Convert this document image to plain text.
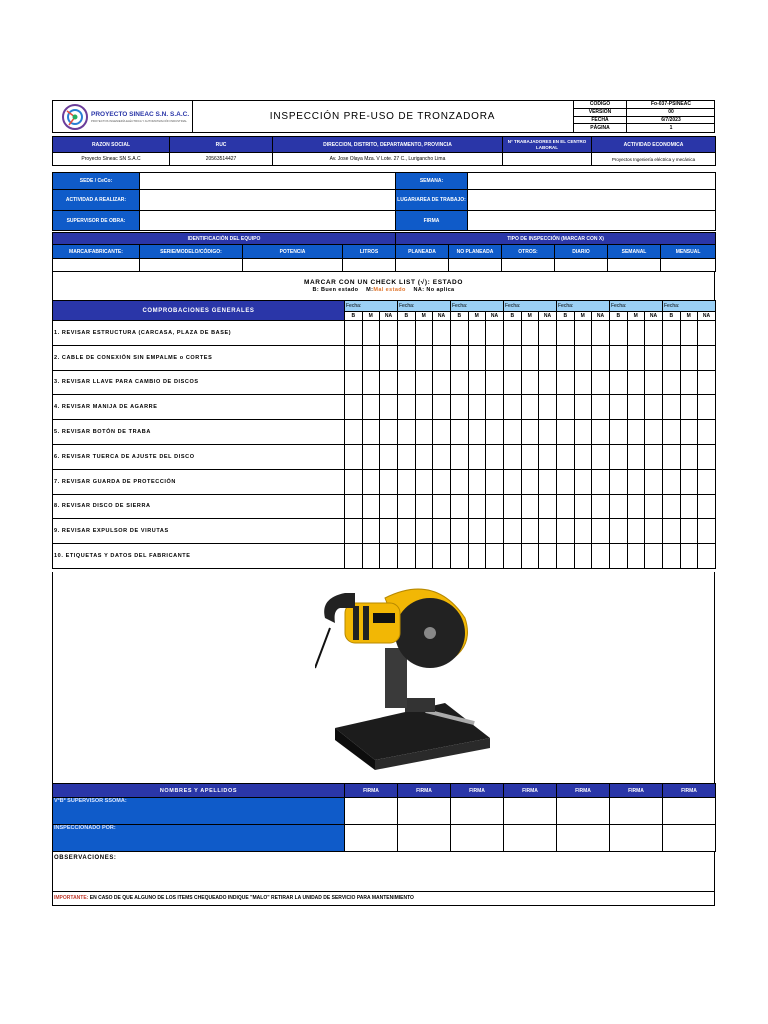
PROYECTO SINEAC S.N. S.A.C.
PROYECTOS INGENIERÍA ELÉCTRICA Y AUTOMATIZACIÓN INDUSTRIAL	INSPECCIÓN PRE-USO DE TRONZADORA
CÓDIGO	Fo-037-PSINEAC
VERSIÓN	00
FECHA	6/7/2023
PÁGINA	1
RAZON SOCIAL	RUC	DIRECCION, DISTRITO, DEPARTAMENTO, PROVINCIA	N° TRABAJADORES EN EL CENTRO LABORAL	ACTIVIDAD ECONOMICA
Proyecto Sineac SN S.A.C	20563514427	Av. Jose Olaya Mza. V Lote. 27 C., Lurigancho Lima		Proyectos Ingeniería eléctrica y mecánica
SEDE / CeCo:		SEMANA:	
ACTIVIDAD A REALIZAR:		LUGAR/AREA DE TRABAJO:	
SUPERVISOR DE OBRA:		FIRMA	
IDENTIFICACIÓN DEL EQUIPO				TIPO DE INSPECCIÓN (MARCAR CON X)					
MARCA/FABRICANTE:	SERIE/MODELO/CÓDIGO:	POTENCIA	LITROS	PLANEADA	NO PLANEADA	OTROS:	DIARIO	SEMANAL	MENSUAL

MARCAR CON UN CHECK LIST (√): ESTADO
B: Buen estado M:Mal estado NA: No aplica
COMPROBACIONES GENERALES	Fecha:			Fecha:			Fecha:			Fecha:			Fecha:			Fecha:			Fecha:		
	B	M	NA	B	M	NA	B	M	NA	B	M	NA	B	M	NA	B	M	NA	B	M	NA
1. REVISAR ESTRUCTURA (CARCASA, PLAZA DE BASE)																					
2. CABLE DE CONEXIÓN SIN EMPALME o CORTES																					
3. REVISAR LLAVE PARA CAMBIO DE DISCOS																					
4. REVISAR MANIJA DE AGARRE																					
5. REVISAR BOTÓN DE TRABA																					
6. REVISAR TUERCA DE AJUSTE DEL DISCO																					
7. REVISAR GUARDA DE PROTECCIÓN																					
8. REVISAR DISCO DE SIERRA																					
9. REVISAR EXPULSOR DE VIRUTAS																					
10. ETIQUETAS Y DATOS DEL FABRICANTE																					
NOMBRES Y APELLIDOS	FIRMA	FIRMA	FIRMA	FIRMA	FIRMA	FIRMA	FIRMA
VºBº SUPERVISOR SSOMA:							
INSPECCIONADO POR:							
OBSERVACIONES:
IMPORTANTE: EN CASO DE QUE ALGUNO DE LOS ITEMS CHEQUEADO INDIQUE "MALO" RETIRAR LA UNIDAD DE SERVICIO PARA MANTENIMIENTO
